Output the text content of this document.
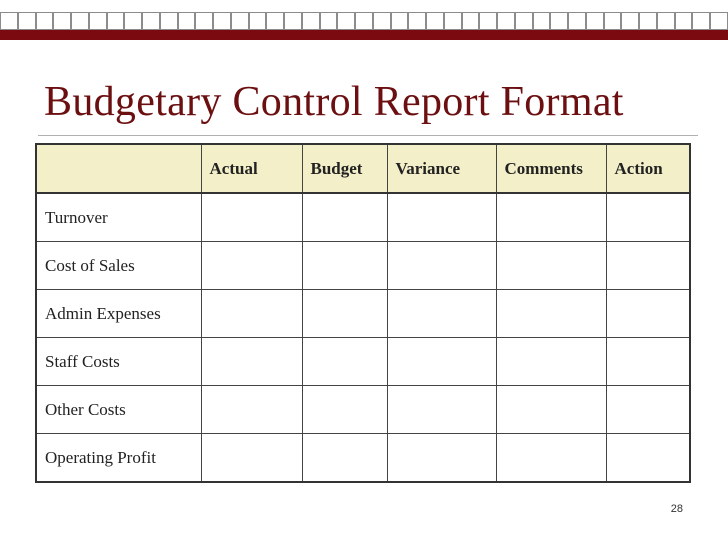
Budgetary Control Report Format
	Actual	Budget	Variance	Comments	Action
Turnover					
Cost of Sales					
Admin Expenses					
Staff Costs					
Other Costs					
Operating Profit					
28
